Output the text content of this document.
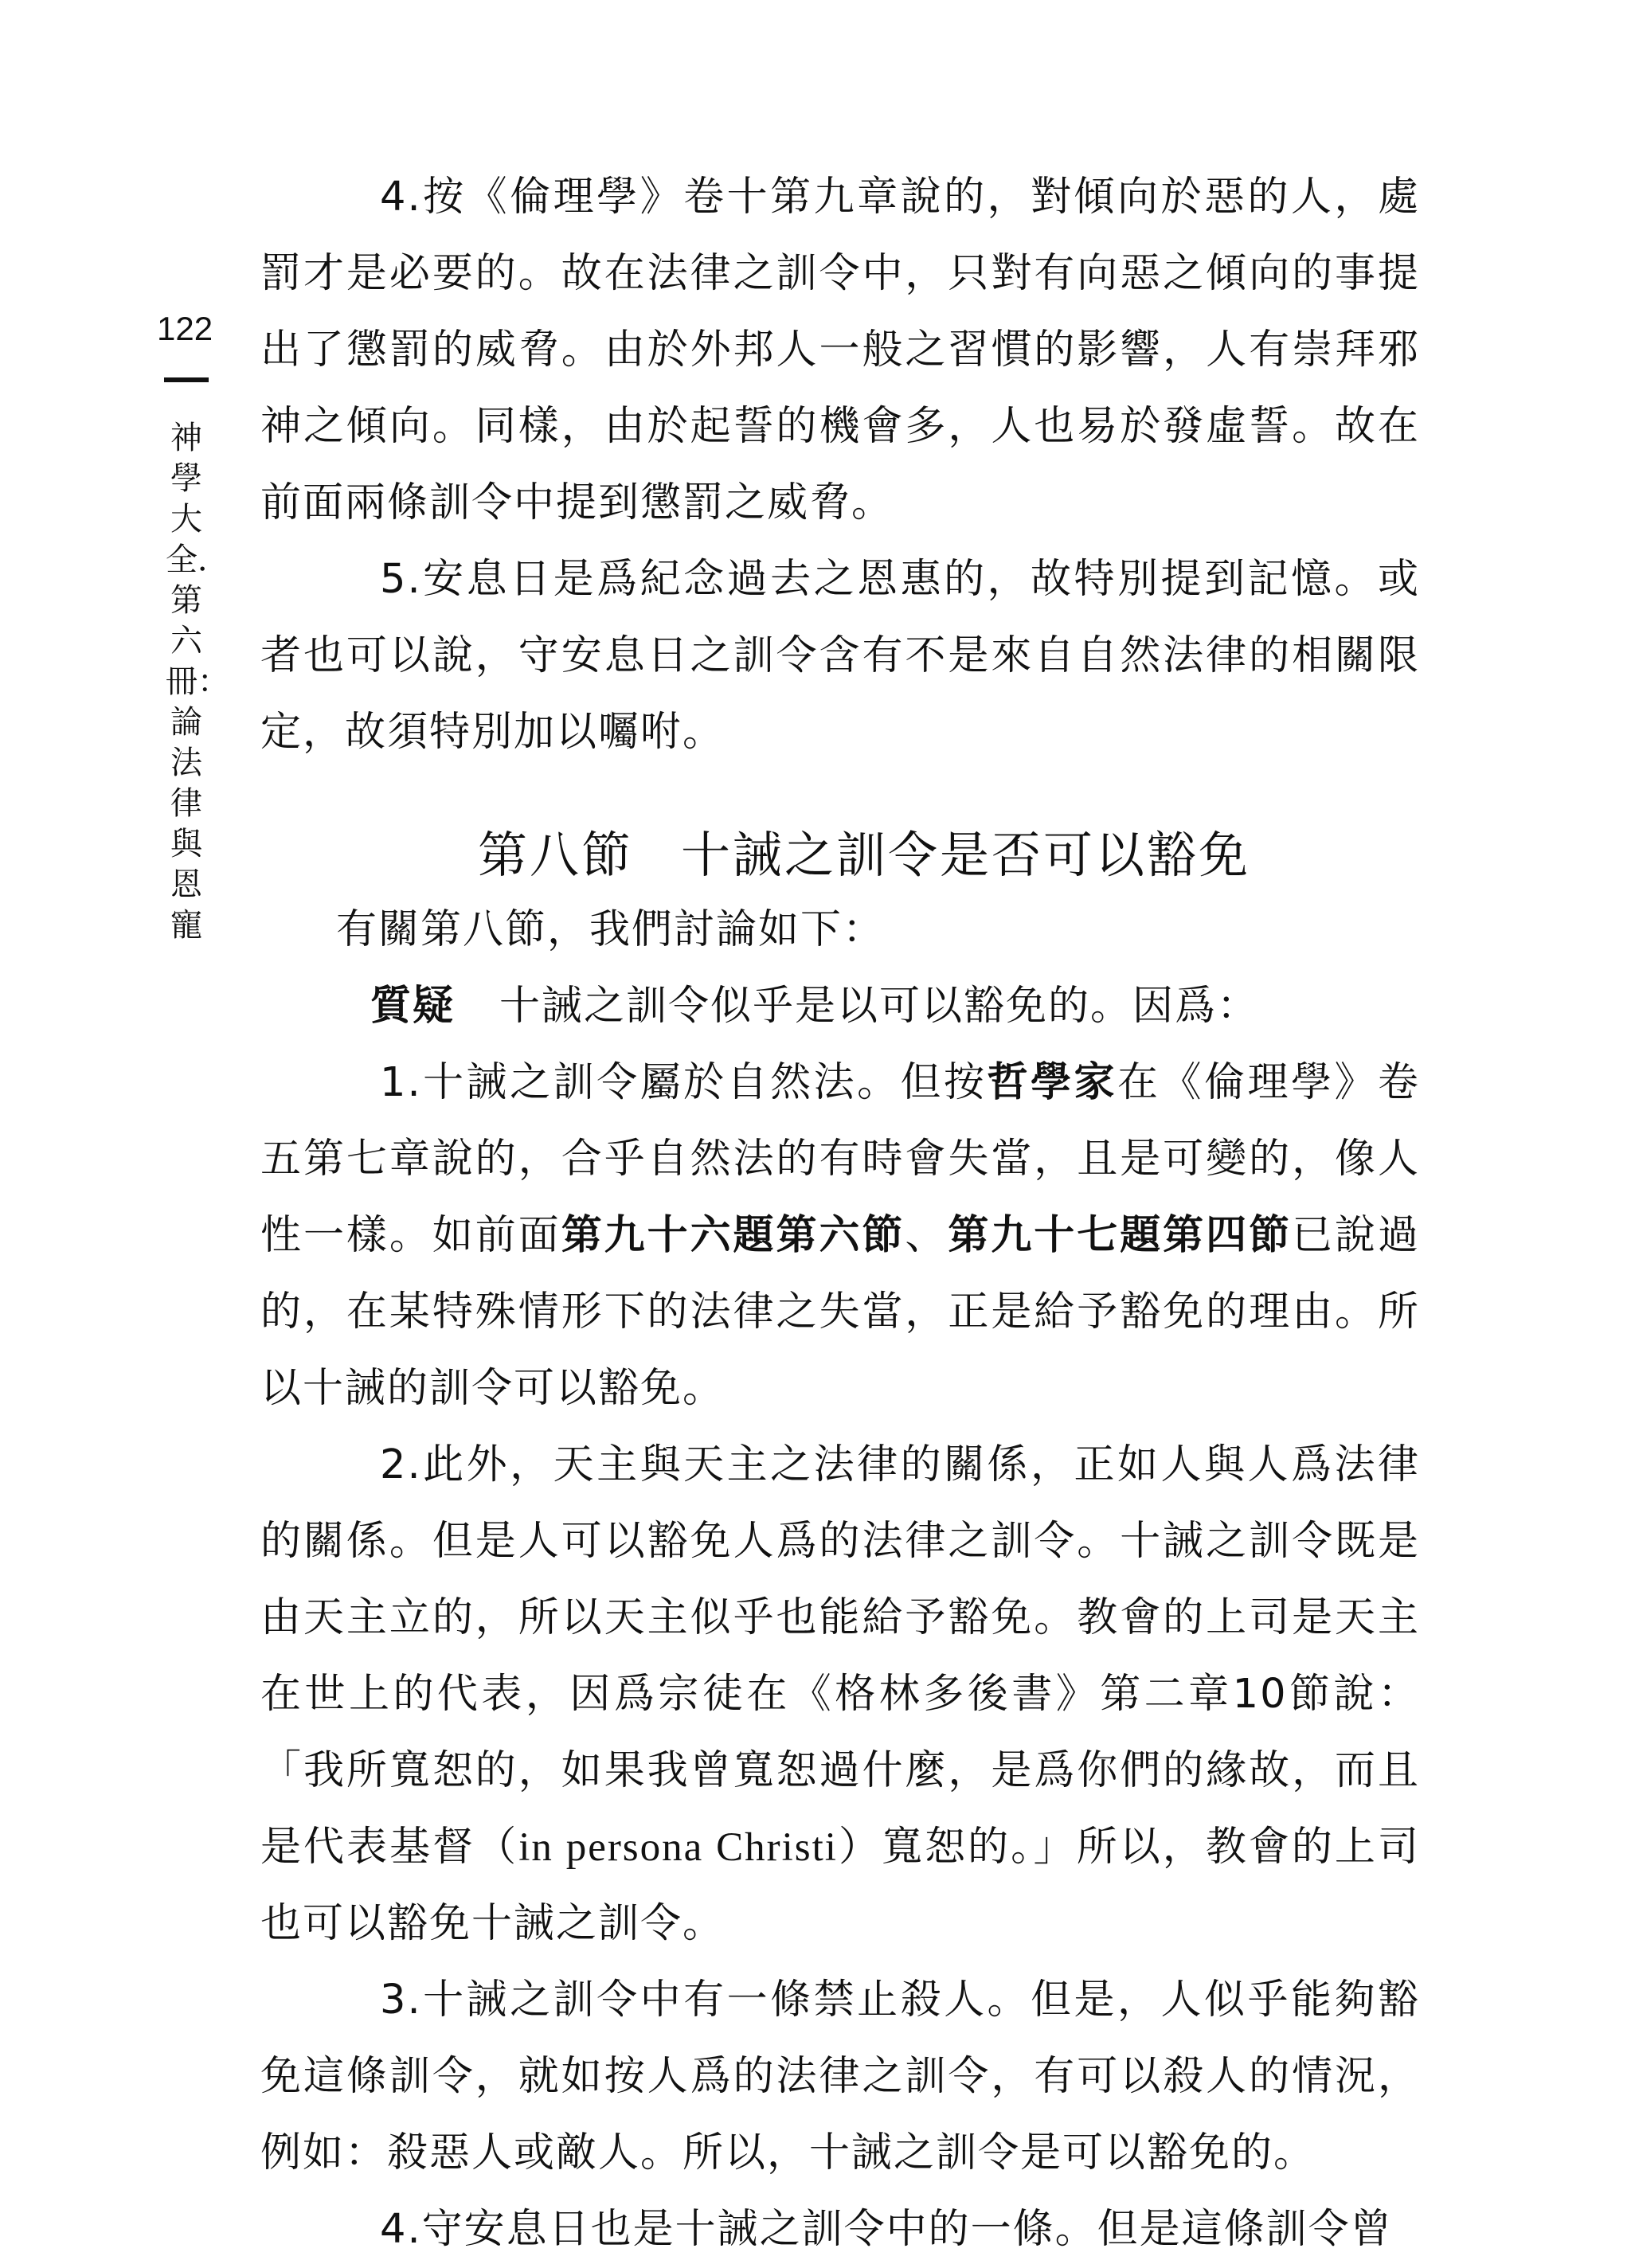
122
神學大全．第六冊：論法律與恩寵

4.按《倫理學》卷十第九章說的，對傾向於惡的人，處罰才是必要的。故在法律之訓令中，只對有向惡之傾向的事提出了懲罰的威脅。由於外邦人一般之習慣的影響，人有崇拜邪神之傾向。同樣，由於起誓的機會多，人也易於發虛誓。故在前面兩條訓令中提到懲罰之威脅。

5.安息日是爲紀念過去之恩惠的，故特別提到記憶。或者也可以說，守安息日之訓令含有不是來自自然法律的相關限定，故須特別加以囑咐。

第八節 十誡之訓令是否可以豁免

有關第八節，我們討論如下：

質疑 十誡之訓令似乎是以可以豁免的。因爲：

1.十誡之訓令屬於自然法。但按哲學家在《倫理學》卷五第七章說的，合乎自然法的有時會失當，且是可變的，像人性一樣。如前面第九十六題第六節、第九十七題第四節已說過的，在某特殊情形下的法律之失當，正是給予豁免的理由。所以十誡的訓令可以豁免。

2.此外，天主與天主之法律的關係，正如人與人爲法律的關係。但是人可以豁免人爲的法律之訓令。十誡之訓令既是由天主立的，所以天主似乎也能給予豁免。教會的上司是天主在世上的代表，因爲宗徒在《格林多後書》第二章10節說：「我所寬恕的，如果我曾寬恕過什麼，是爲你們的緣故，而且是代表基督（in persona Christi）寬恕的。」所以，教會的上司也可以豁免十誡之訓令。

3.十誡之訓令中有一條禁止殺人。但是，人似乎能夠豁免這條訓令，就如按人爲的法律之訓令，有可以殺人的情況，例如：殺惡人或敵人。所以，十誡之訓令是可以豁免的。

4.守安息日也是十誡之訓令中的一條。但是這條訓令曾
